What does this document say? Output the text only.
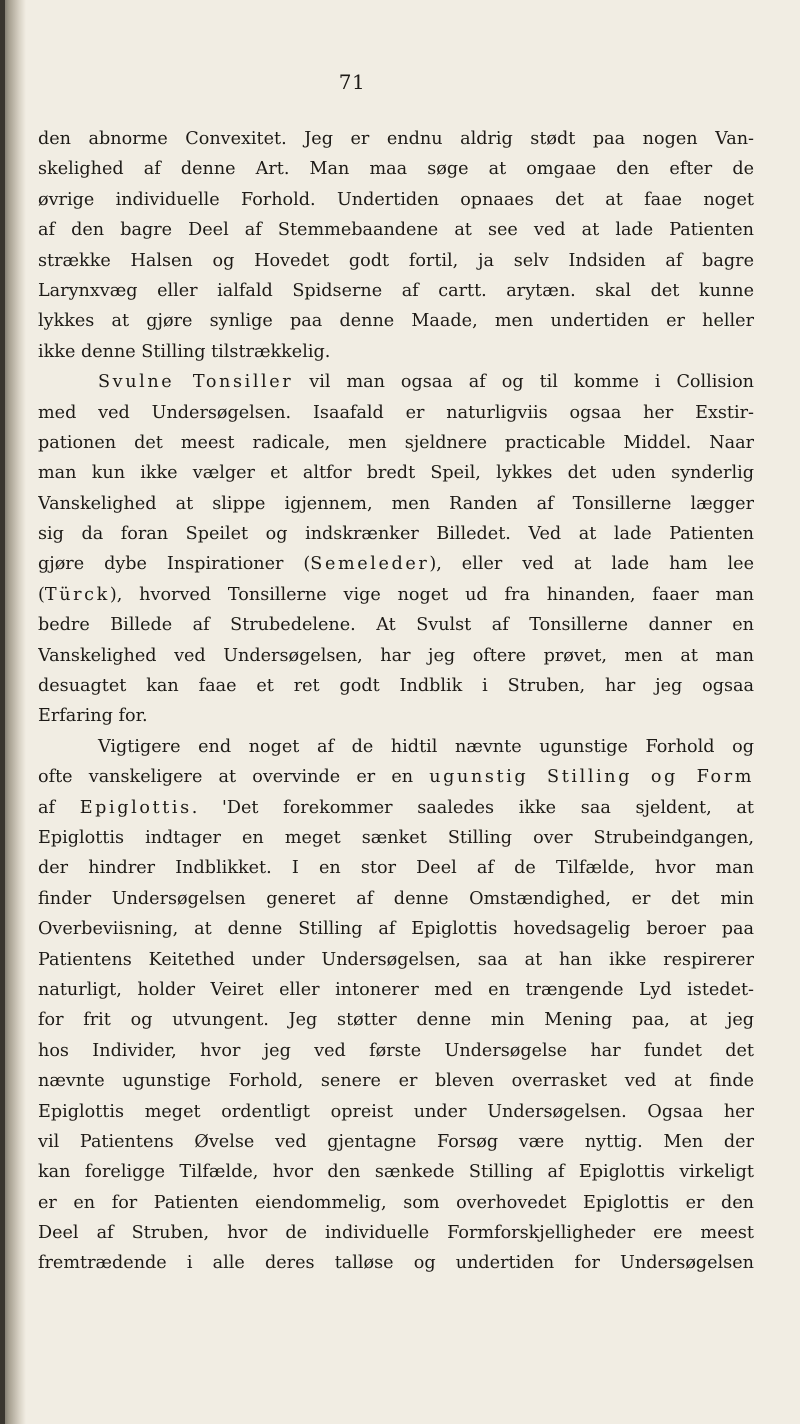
71
den abnorme Convexitet. Jeg er endnu aldrig stødt paa nogen Van-
skelighed af denne Art. Man maa søge at omgaae den efter de
øvrige individuelle Forhold. Undertiden opnaaes det at faae noget
af den bagre Deel af Stemmebaandene at see ved at lade Patienten
strække Halsen og Hovedet godt fortil, ja selv Indsiden af bagre
Larynxvæg eller ialfald Spidserne af cartt. arytæn. skal det kunne
lykkes at gjøre synlige paa denne Maade, men undertiden er heller
ikke denne Stilling tilstrækkelig.
Svulne Tonsiller vil man ogsaa af og til komme i Collision
med ved Undersøgelsen. Isaafald er naturligviis ogsaa her Exstir-
pationen det meest radicale, men sjeldnere practicable Middel. Naar
man kun ikke vælger et altfor bredt Speil, lykkes det uden synderlig
Vanskelighed at slippe igjennem, men Randen af Tonsillerne lægger
sig da foran Speilet og indskrænker Billedet. Ved at lade Patienten
gjøre dybe Inspirationer (Semeleder), eller ved at lade ham lee
(Türck), hvorved Tonsillerne vige noget ud fra hinanden, faaer man
bedre Billede af Strubedelene. At Svulst af Tonsillerne danner en
Vanskelighed ved Undersøgelsen, har jeg oftere prøvet, men at man
desuagtet kan faae et ret godt Indblik i Struben, har jeg ogsaa
Erfaring for.
Vigtigere end noget af de hidtil nævnte ugunstige Forhold og
ofte vanskeligere at overvinde er en ugunstig Stilling og Form
af Epiglottis. 'Det forekommer saaledes ikke saa sjeldent, at
Epiglottis indtager en meget sænket Stilling over Strubeindgangen,
der hindrer Indblikket. I en stor Deel af de Tilfælde, hvor man
finder Undersøgelsen generet af denne Omstændighed, er det min
Overbeviisning, at denne Stilling af Epiglottis hovedsagelig beroer paa
Patientens Keitethed under Undersøgelsen, saa at han ikke respirerer
naturligt, holder Veiret eller intonerer med en trængende Lyd istedet-
for frit og utvungent. Jeg støtter denne min Mening paa, at jeg
hos Individer, hvor jeg ved første Undersøgelse har fundet det
nævnte ugunstige Forhold, senere er bleven overrasket ved at finde
Epiglottis meget ordentligt opreist under Undersøgelsen. Ogsaa her
vil Patientens Øvelse ved gjentagne Forsøg være nyttig. Men der
kan foreligge Tilfælde, hvor den sænkede Stilling af Epiglottis virkeligt
er en for Patienten eiendommelig, som overhovedet Epiglottis er den
Deel af Struben, hvor de individuelle Formforskjelligheder ere meest
fremtrædende i alle deres talløse og undertiden for Undersøgelsen
